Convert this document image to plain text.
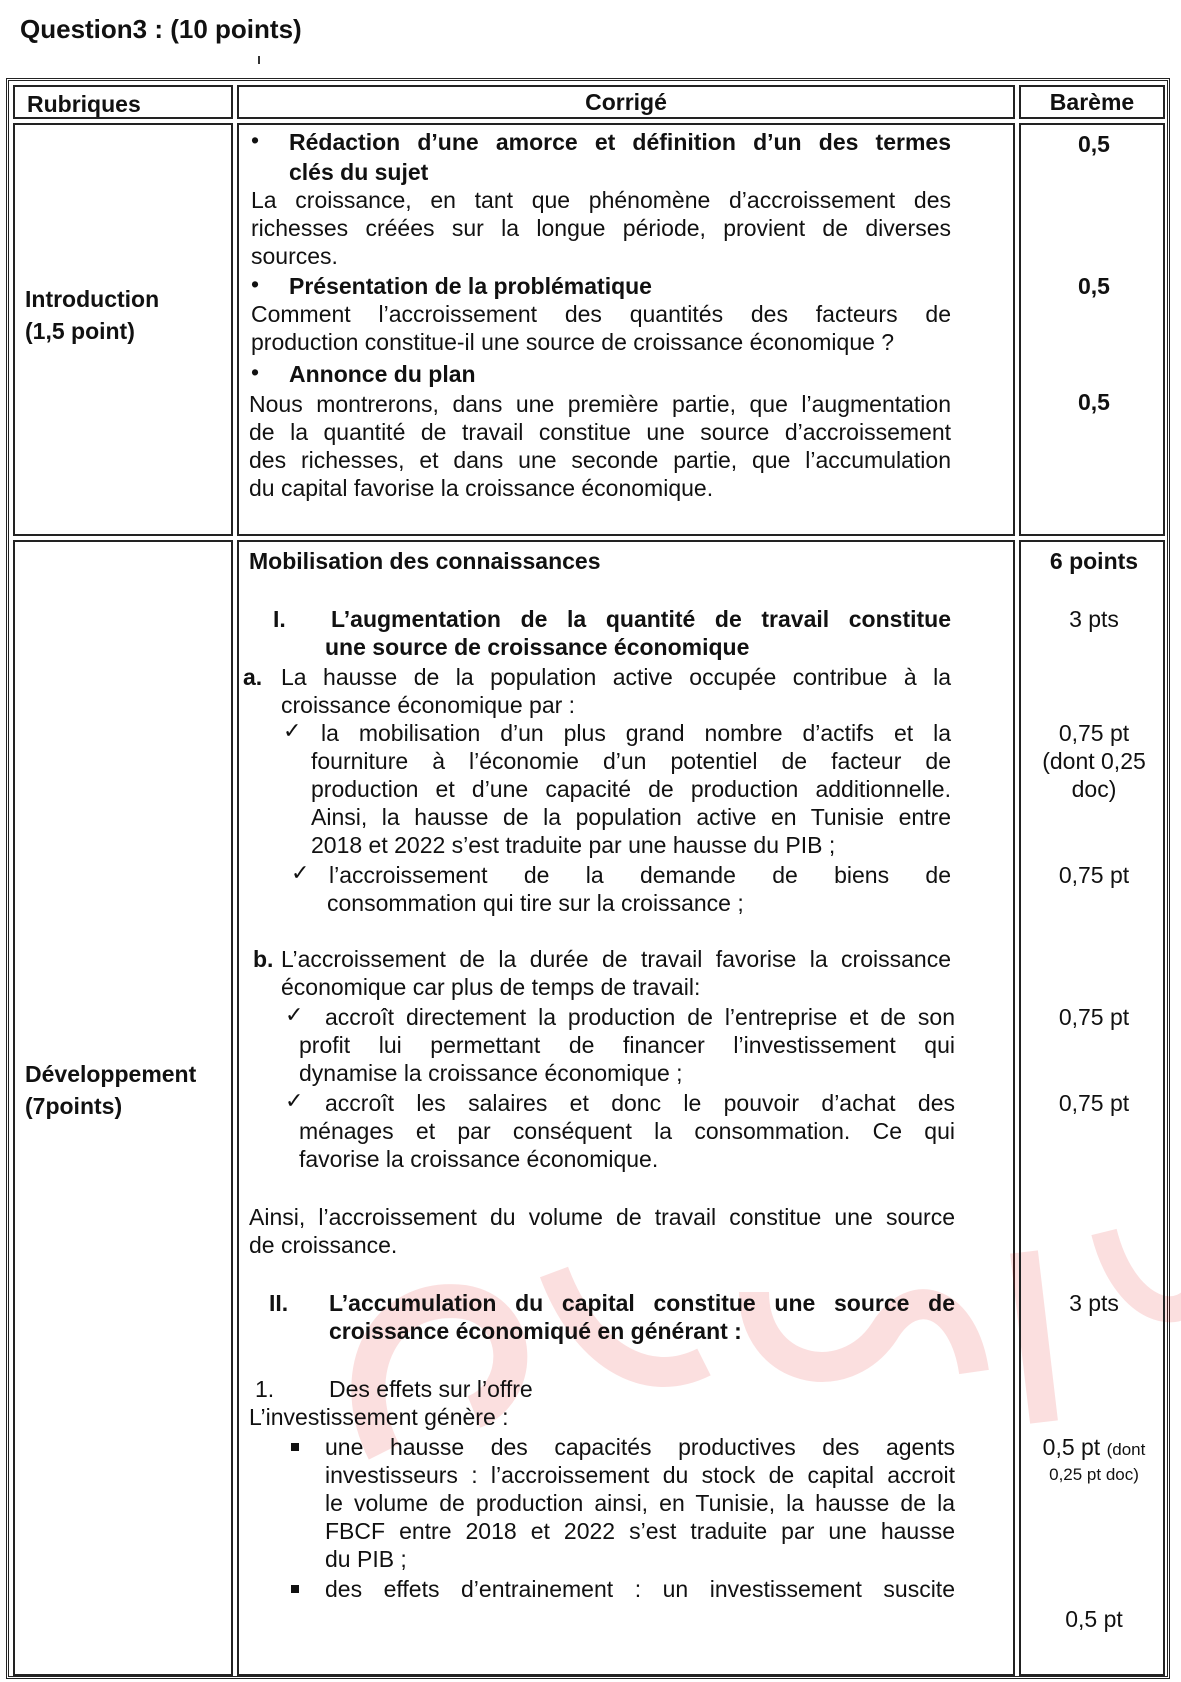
Question3 : (10 points)
Rubriques	Corrigé	Barème
Introduction
(1,5 point)
• Rédaction d’une amorce et définition d’un des termes
clés du sujet
La croissance, en tant que phénomène d’accroissement des
richesses créées sur la longue période, provient de diverses
sources.
• Présentation de la problématique
Comment l’accroissement des quantités des facteurs de
production constitue-il une source de croissance économique ?
• Annonce du plan
Nous montrerons, dans une première partie, que l’augmentation
de la quantité de travail constitue une source d’accroissement
des richesses, et dans une seconde partie, que l’accumulation
du capital favorise la croissance économique.
0,5
0,5
0,5
Développement
(7points)
Mobilisation des connaissances
I. L’augmentation de la quantité de travail constitue
une source de croissance économique
a. La hausse de la population active occupée contribue à la
croissance économique par :
✓ la mobilisation d’un plus grand nombre d’actifs et la
fourniture à l’économie d’un potentiel de facteur de
production et d’une capacité de production additionnelle.
Ainsi, la hausse de la population active en Tunisie entre
2018 et 2022 s’est traduite par une hausse du PIB ;
✓ l’accroissement de la demande de biens de
consommation qui tire sur la croissance ;
b. L’accroissement de la durée de travail favorise la croissance
économique car plus de temps de travail:
✓ accroît directement la production de l’entreprise et de son
profit lui permettant de financer l’investissement qui
dynamise la croissance économique ;
✓ accroît les salaires et donc le pouvoir d’achat des
ménages et par conséquent la consommation. Ce qui
favorise la croissance économique.
Ainsi, l’accroissement du volume de travail constitue une source
de croissance.
II. L’accumulation du capital constitue une source de
croissance économiqué en générant :
1. Des effets sur l’offre
L’investissement génère :
une hausse des capacités productives des agents
investisseurs : l’accroissement du stock de capital accroit
le volume de production ainsi, en Tunisie, la hausse de la
FBCF entre 2018 et 2022 s’est traduite par une hausse
du PIB ;
des effets d’entrainement : un investissement suscite
6 points
3 pts
0,75 pt
(dont 0,25
doc)
0,75 pt
0,75 pt
0,75 pt
3 pts
0,5 pt (dont
0,25 pt doc)
0,5 pt
